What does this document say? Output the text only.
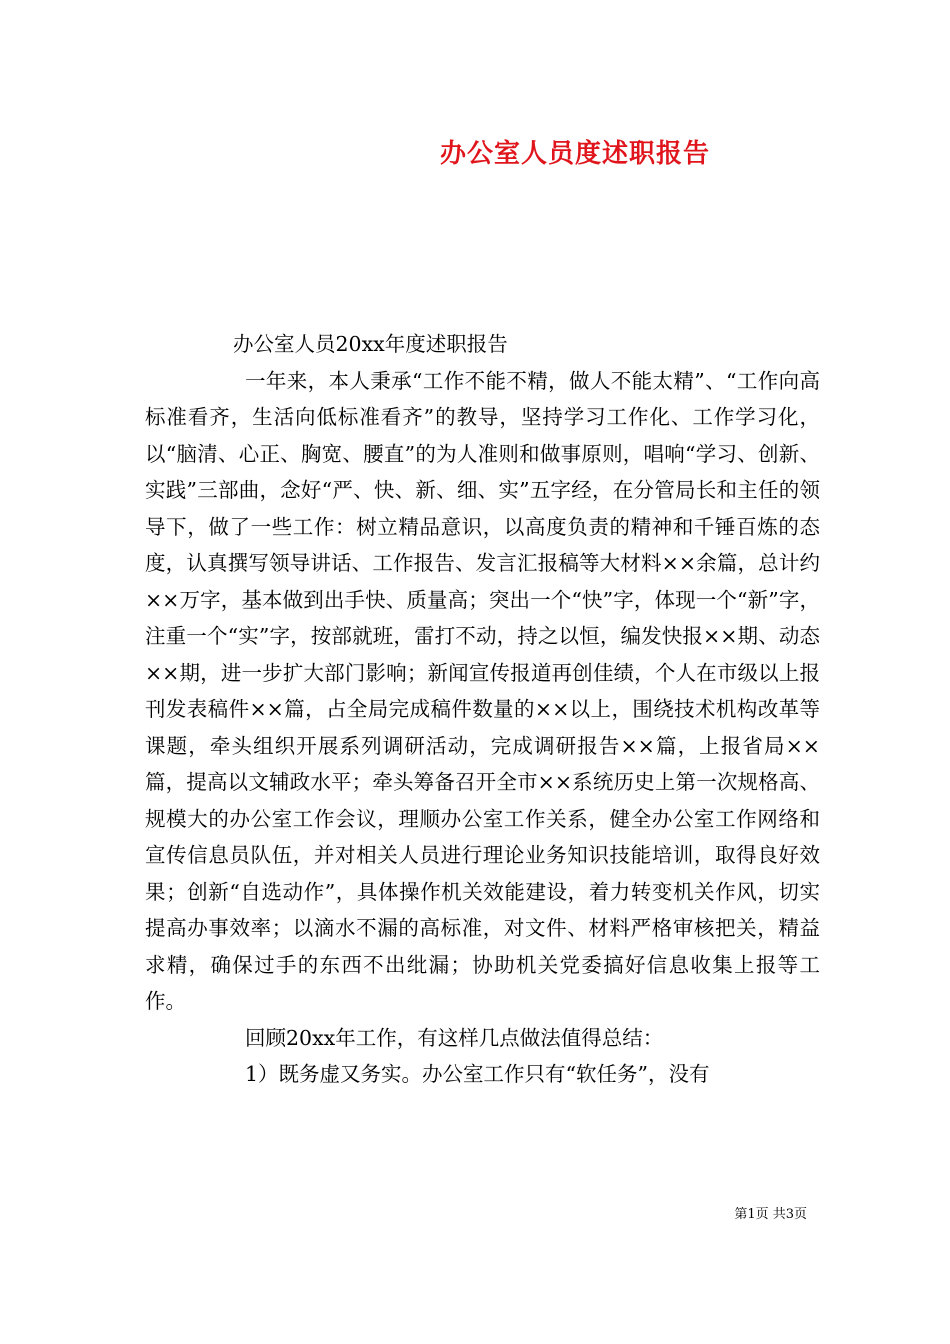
办公室人员度述职报告

办公室人员20xx年度述职报告

一年来，本人秉承“工作不能不精，做人不能太精”、“工作向高标准看齐，生活向低标准看齐”的教导，坚持学习工作化、工作学习化，以“脑清、心正、胸宽、腰直”的为人准则和做事原则，唱响“学习、创新、实践”三部曲，念好“严、快、新、细、实”五字经，在分管局长和主任的领导下，做了一些工作：树立精品意识，以高度负责的精神和千锤百炼的态度，认真撰写领导讲话、工作报告、发言汇报稿等大材料××余篇，总计约××万字，基本做到出手快、质量高；突出一个“快”字，体现一个“新”字，注重一个“实”字，按部就班，雷打不动，持之以恒，编发快报××期、动态××期，进一步扩大部门影响；新闻宣传报道再创佳绩，个人在市级以上报刊发表稿件××篇，占全局完成稿件数量的××以上，围绕技术机构改革等课题，牵头组织开展系列调研活动，完成调研报告××篇，上报省局××篇，提高以文辅政水平；牵头筹备召开全市××系统历史上第一次规格高、规模大的办公室工作会议，理顺办公室工作关系，健全办公室工作网络和宣传信息员队伍，并对相关人员进行理论业务知识技能培训，取得良好效果；创新“自选动作”，具体操作机关效能建设，着力转变机关作风，切实提高办事效率；以滴水不漏的高标准，对文件、材料严格审核把关，精益求精，确保过手的东西不出纰漏；协助机关党委搞好信息收集上报等工作。

回顾20xx年工作，有这样几点做法值得总结：

1）既务虚又务实。办公室工作只有“软任务”，没有

第1页 共3页
